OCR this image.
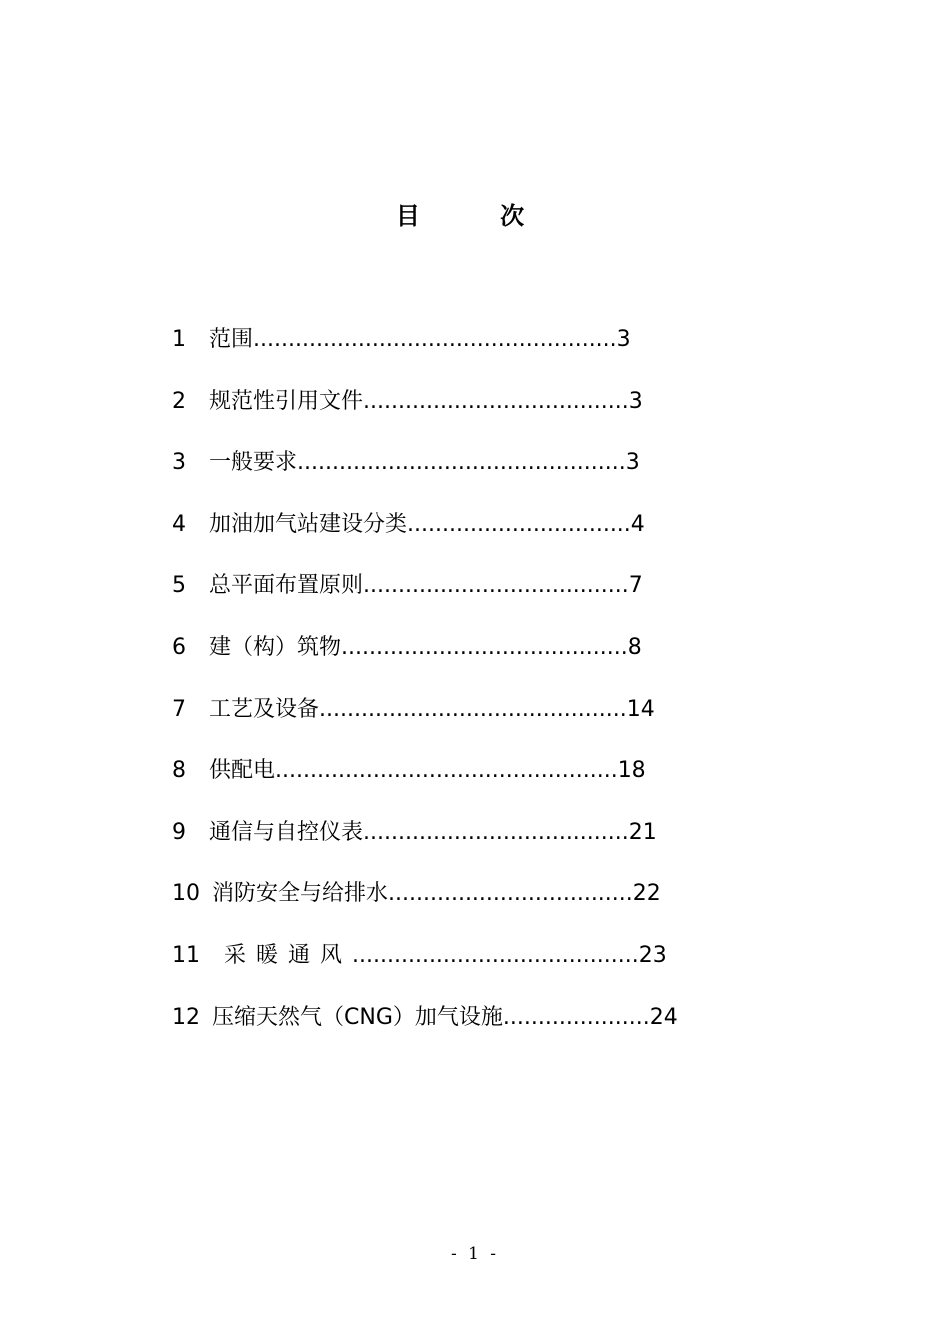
目 次
1	范围 .................................................... 3
2	规范性引用文件 ...................................... 3
3	一般要求 ............................................... 3
4	加油加气站建设分类 ................................ 4
5	总平面布置原则 ...................................... 7
6	建（构）筑物 ......................................... 8
7	工艺及设备 ............................................ 14
8	供配电 ................................................. 18
9	通信与自控仪表 ...................................... 21
10 消防安全与给排水 ................................... 22
11	采暖通风 ......................................... 23
12 压缩天然气（CNG）加气设施 ..................... 24
- 1 -
